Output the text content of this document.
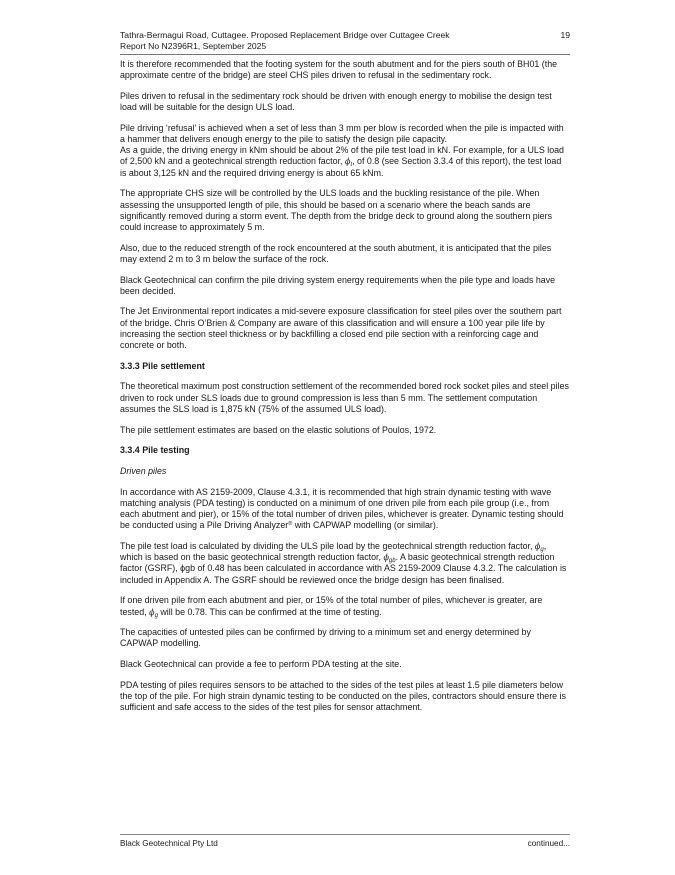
Tathra-Bermagui Road, Cuttagee. Proposed Replacement Bridge over Cuttagee Creek
Report No N2396R1, September 2025
19

It is therefore recommended that the footing system for the south abutment and for the piers south of BH01 (the approximate centre of the bridge) are steel CHS piles driven to refusal in the sedimentary rock.

Piles driven to refusal in the sedimentary rock should be driven with enough energy to mobilise the design test load will be suitable for the design ULS load.

Pile driving ‘refusal’ is achieved when a set of less than 3 mm per blow is recorded when the pile is impacted with a hammer that delivers enough energy to the pile to satisfy the design pile capacity.
As a guide, the driving energy in kNm should be about 2% of the pile test load in kN. For example, for a ULS load of 2,500 kN and a geotechnical strength reduction factor, $\phi_t$, of 0.8 (see Section 3.3.4 of this report), the test load is about 3,125 kN and the required driving energy is about 65 kNm.

The appropriate CHS size will be controlled by the ULS loads and the buckling resistance of the pile. When assessing the unsupported length of pile, this should be based on a scenario where the beach sands are significantly removed during a storm event. The depth from the bridge deck to ground along the southern piers could increase to approximately 5 m.

Also, due to the reduced strength of the rock encountered at the south abutment, it is anticipated that the piles may extend 2 m to 3 m below the surface of the rock.

Black Geotechnical can confirm the pile driving system energy requirements when the pile type and loads have been decided.

The Jet Environmental report indicates a mid-severe exposure classification for steel piles over the southern part of the bridge. Chris O’Brien & Company are aware of this classification and will ensure a 100 year pile life by increasing the section steel thickness or by backfilling a closed end pile section with a reinforcing cage and concrete or both.

3.3.3 Pile settlement

The theoretical maximum post construction settlement of the recommended bored rock socket piles and steel piles driven to rock under SLS loads due to ground compression is less than 5 mm. The settlement computation assumes the SLS load is 1,875 kN (75% of the assumed ULS load).

The pile settlement estimates are based on the elastic solutions of Poulos, 1972.

3.3.4 Pile testing

Driven piles

In accordance with AS 2159-2009, Clause 4.3.1, it is recommended that high strain dynamic testing with wave matching analysis (PDA testing) is conducted on a minimum of one driven pile from each pile group (i.e., from each abutment and pier), or 15% of the total number of driven piles, whichever is greater. Dynamic testing should be conducted using a Pile Driving Analyzer® with CAPWAP modelling (or similar).

The pile test load is calculated by dividing the ULS pile load by the geotechnical strength reduction factor, $\phi_g$, which is based on the basic geotechnical strength reduction factor, $\phi_{gb}$. A basic geotechnical strength reduction factor (GSRF), ϕgb of 0.48 has been calculated in accordance with AS 2159-2009 Clause 4.3.2. The calculation is included in Appendix A. The GSRF should be reviewed once the bridge design has been finalised.

If one driven pile from each abutment and pier, or 15% of the total number of piles, whichever is greater, are tested, $\phi_g$ will be 0.78. This can be confirmed at the time of testing.

The capacities of untested piles can be confirmed by driving to a minimum set and energy determined by CAPWAP modelling.

Black Geotechnical can provide a fee to perform PDA testing at the site.

PDA testing of piles requires sensors to be attached to the sides of the test piles at least 1.5 pile diameters below the top of the pile. For high strain dynamic testing to be conducted on the piles, contractors should ensure there is sufficient and safe access to the sides of the test piles for sensor attachment.

Black Geotechnical Pty Ltd	continued...
